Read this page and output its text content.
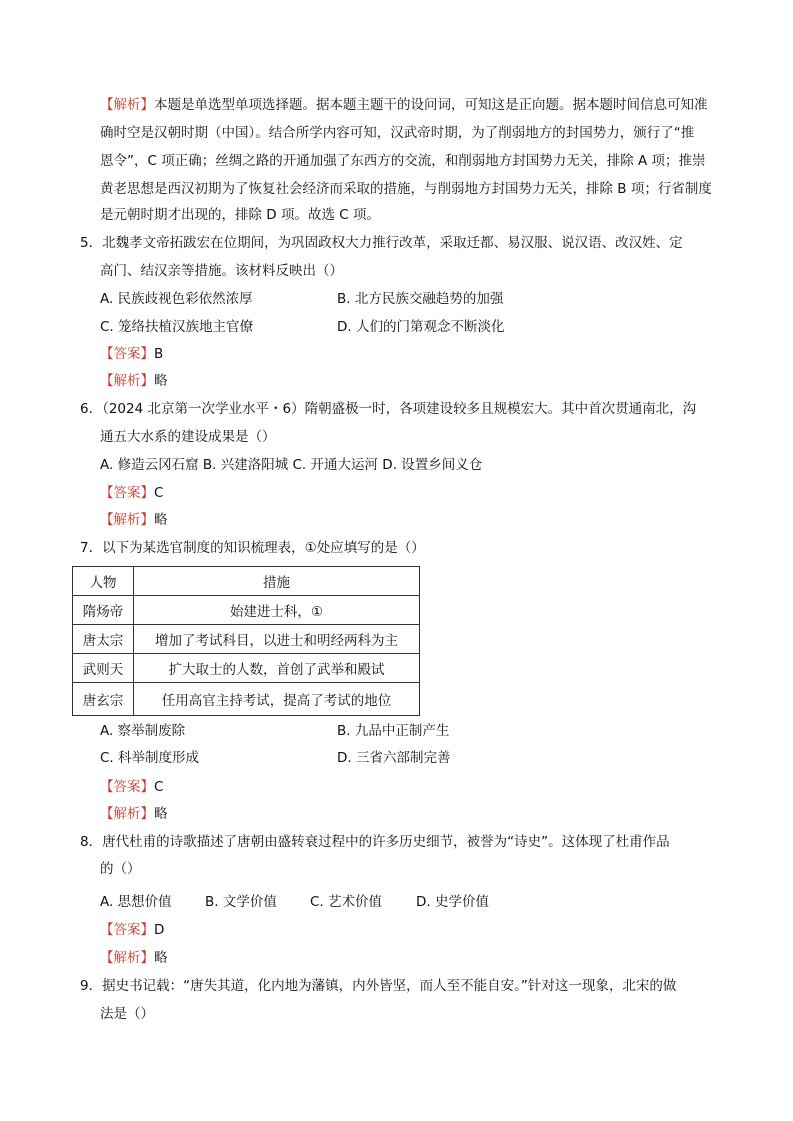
【解析】本题是单选型单项选择题。据本题主题干的设问词，可知这是正向题。据本题时间信息可知准
确时空是汉朝时期（中国）。结合所学内容可知，汉武帝时期，为了削弱地方的封国势力，颁行了“推
恩令”，C 项正确；丝绸之路的开通加强了东西方的交流，和削弱地方封国势力无关，排除 A 项；推崇
黄老思想是西汉初期为了恢复社会经济而采取的措施，与削弱地方封国势力无关，排除 B 项；行省制度
是元朝时期才出现的，排除 D 项。故选 C 项。
5．北魏孝文帝拓跋宏在位期间，为巩固政权大力推行改革，采取迁都、易汉服、说汉语、改汉姓、定
高门、结汉亲等措施。该材料反映出（）
A. 民族歧视色彩依然浓厚	B. 北方民族交融趋势的加强
C. 笼络扶植汉族地主官僚	D. 人们的门第观念不断淡化
【答案】B
【解析】略
6．（2024 北京第一次学业水平・6）隋朝盛极一时，各项建设较多且规模宏大。其中首次贯通南北，沟
通五大水系的建设成果是（）
A. 修造云冈石窟 B. 兴建洛阳城 C. 开通大运河 D. 设置乡间义仓
【答案】C
【解析】略
7．以下为某选官制度的知识梳理表，①处应填写的是（）
人物	措施
隋炀帝	始建进士科，①
唐太宗	增加了考试科目，以进士和明经两科为主
武则天	扩大取士的人数，首创了武举和殿试
唐玄宗	任用高官主持考试，提高了考试的地位
A. 察举制废除	B. 九品中正制产生
C. 科举制度形成	D. 三省六部制完善
【答案】C
【解析】略
8．唐代杜甫的诗歌描述了唐朝由盛转衰过程中的许多历史细节，被誉为“诗史”。这体现了杜甫作品
的（）
A. 思想价值 B. 文学价值 C. 艺术价值	D. 史学价值
【答案】D
【解析】略
9．据史书记载：“唐失其道，化内地为藩镇，内外皆坚，而人至不能自安。”针对这一现象，北宋的做
法是（）
